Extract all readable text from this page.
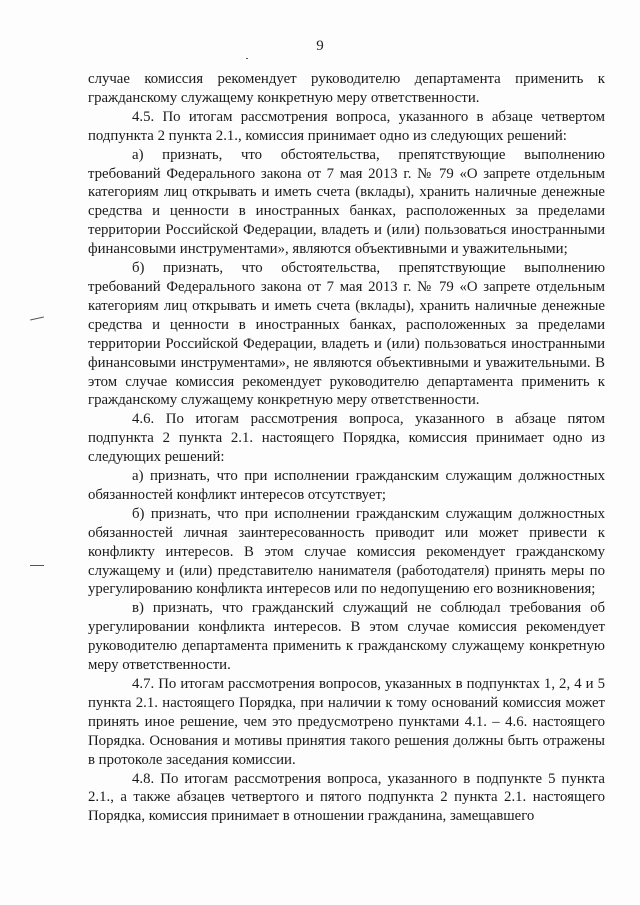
9

случае комиссия рекомендует руководителю департамента применить к гражданскому служащему конкретную меру ответственности.

4.5. По итогам рассмотрения вопроса, указанного в абзаце четвертом подпункта 2 пункта 2.1., комиссия принимает одно из следующих решений:

а) признать, что обстоятельства, препятствующие выполнению требований Федерального закона от 7 мая 2013 г. № 79 «О запрете отдельным категориям лиц открывать и иметь счета (вклады), хранить наличные денежные средства и ценности в иностранных банках, расположенных за пределами территории Российской Федерации, владеть и (или) пользоваться иностранными финансовыми инструментами», являются объективными и уважительными;

б) признать, что обстоятельства, препятствующие выполнению требований Федерального закона от 7 мая 2013 г. № 79 «О запрете отдельным категориям лиц открывать и иметь счета (вклады), хранить наличные денежные средства и ценности в иностранных банках, расположенных за пределами территории Российской Федерации, владеть и (или) пользоваться иностранными финансовыми инструментами», не являются объективными и уважительными. В этом случае комиссия рекомендует руководителю департамента применить к гражданскому служащему конкретную меру ответственности.

4.6. По итогам рассмотрения вопроса, указанного в абзаце пятом подпункта 2 пункта 2.1. настоящего Порядка, комиссия принимает одно из следующих решений:

а) признать, что при исполнении гражданским служащим должностных обязанностей конфликт интересов отсутствует;

б) признать, что при исполнении гражданским служащим должностных обязанностей личная заинтересованность приводит или может привести к конфликту интересов. В этом случае комиссия рекомендует гражданскому служащему и (или) представителю нанимателя (работодателя) принять меры по урегулированию конфликта интересов или по недопущению его возникновения;

в) признать, что гражданский служащий не соблюдал требования об урегулировании конфликта интересов. В этом случае комиссия рекомендует руководителю департамента применить к гражданскому служащему конкретную меру ответственности.

4.7. По итогам рассмотрения вопросов, указанных в подпунктах 1, 2, 4 и 5 пункта 2.1. настоящего Порядка, при наличии к тому оснований комиссия может принять иное решение, чем это предусмотрено пунктами 4.1. – 4.6. настоящего Порядка. Основания и мотивы принятия такого решения должны быть отражены в протоколе заседания комиссии.

4.8. По итогам рассмотрения вопроса, указанного в подпункте 5 пункта 2.1., а также абзацев четвертого и пятого подпункта 2 пункта 2.1. настоящего Порядка, комиссия принимает в отношении гражданина, замещавшего
